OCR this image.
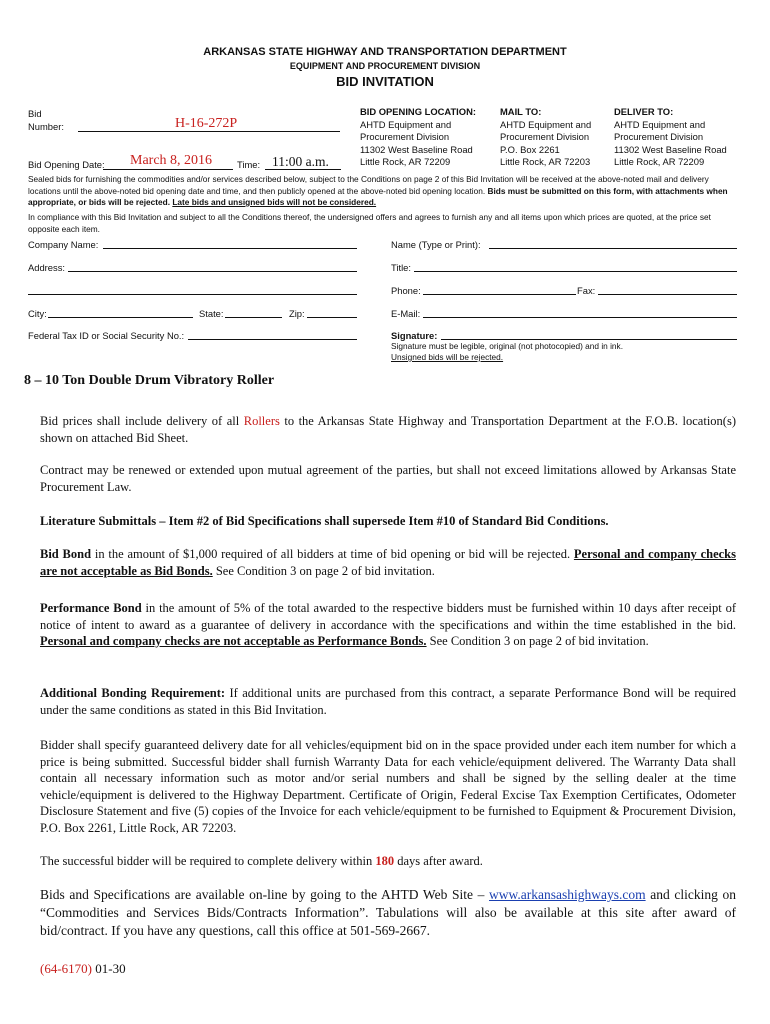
ARKANSAS STATE HIGHWAY AND TRANSPORTATION DEPARTMENT
EQUIPMENT AND PROCUREMENT DIVISION
BID INVITATION
Bid
Number:	H-16-272P
Bid Opening Date: March 8, 2016	Time: 11:00 a.m.
BID OPENING LOCATION:
AHTD Equipment and
Procurement Division
11302 West Baseline Road
Little Rock, AR 72209
MAIL TO:
AHTD Equipment and
Procurement Division
P.O. Box 2261
Little Rock, AR 72203
DELIVER TO:
AHTD Equipment and
Procurement Division
11302 West Baseline Road
Little Rock, AR 72209
Sealed bids for furnishing the commodities and/or services described below, subject to the Conditions on page 2 of this Bid Invitation will be received at the above-noted mail and delivery locations until the above-noted bid opening date and time, and then publicly opened at the above-noted bid opening location. Bids must be submitted on this form, with attachments when appropriate, or bids will be rejected. Late bids and unsigned bids will not be considered.
In compliance with this Bid Invitation and subject to all the Conditions thereof, the undersigned offers and agrees to furnish any and all items upon which prices are quoted, at the price set opposite each item.
Company Name:	Name (Type or Print):
Address:	Title:
Phone:	Fax:
City:	State:	Zip:	E-Mail:
Federal Tax ID or Social Security No.:	Signature:
Signature must be legible, original (not photocopied) and in ink.
Unsigned bids will be rejected.
8 – 10 Ton Double Drum Vibratory Roller
Bid prices shall include delivery of all Rollers to the Arkansas State Highway and Transportation Department at the F.O.B. location(s) shown on attached Bid Sheet.
Contract may be renewed or extended upon mutual agreement of the parties, but shall not exceed limitations allowed by Arkansas State Procurement Law.
Literature Submittals – Item #2 of Bid Specifications shall supersede Item #10 of Standard Bid Conditions.
Bid Bond in the amount of $1,000 required of all bidders at time of bid opening or bid will be rejected. Personal and company checks are not acceptable as Bid Bonds. See Condition 3 on page 2 of bid invitation.
Performance Bond in the amount of 5% of the total awarded to the respective bidders must be furnished within 10 days after receipt of notice of intent to award as a guarantee of delivery in accordance with the specifications and within the time established in the bid. Personal and company checks are not acceptable as Performance Bonds. See Condition 3 on page 2 of bid invitation.
Additional Bonding Requirement: If additional units are purchased from this contract, a separate Performance Bond will be required under the same conditions as stated in this Bid Invitation.
Bidder shall specify guaranteed delivery date for all vehicles/equipment bid on in the space provided under each item number for which a price is being submitted. Successful bidder shall furnish Warranty Data for each vehicle/equipment delivered. The Warranty Data shall contain all necessary information such as motor and/or serial numbers and shall be signed by the selling dealer at the time vehicle/equipment is delivered to the Highway Department. Certificate of Origin, Federal Excise Tax Exemption Certificates, Odometer Disclosure Statement and five (5) copies of the Invoice for each vehicle/equipment to be furnished to Equipment & Procurement Division, P.O. Box 2261, Little Rock, AR 72203.
The successful bidder will be required to complete delivery within 180 days after award.
Bids and Specifications are available on-line by going to the AHTD Web Site – www.arkansashighways.com and clicking on “Commodities and Services Bids/Contracts Information”. Tabulations will also be available at this site after award of bid/contract. If you have any questions, call this office at 501-569-2667.
(64-6170) 01-30
